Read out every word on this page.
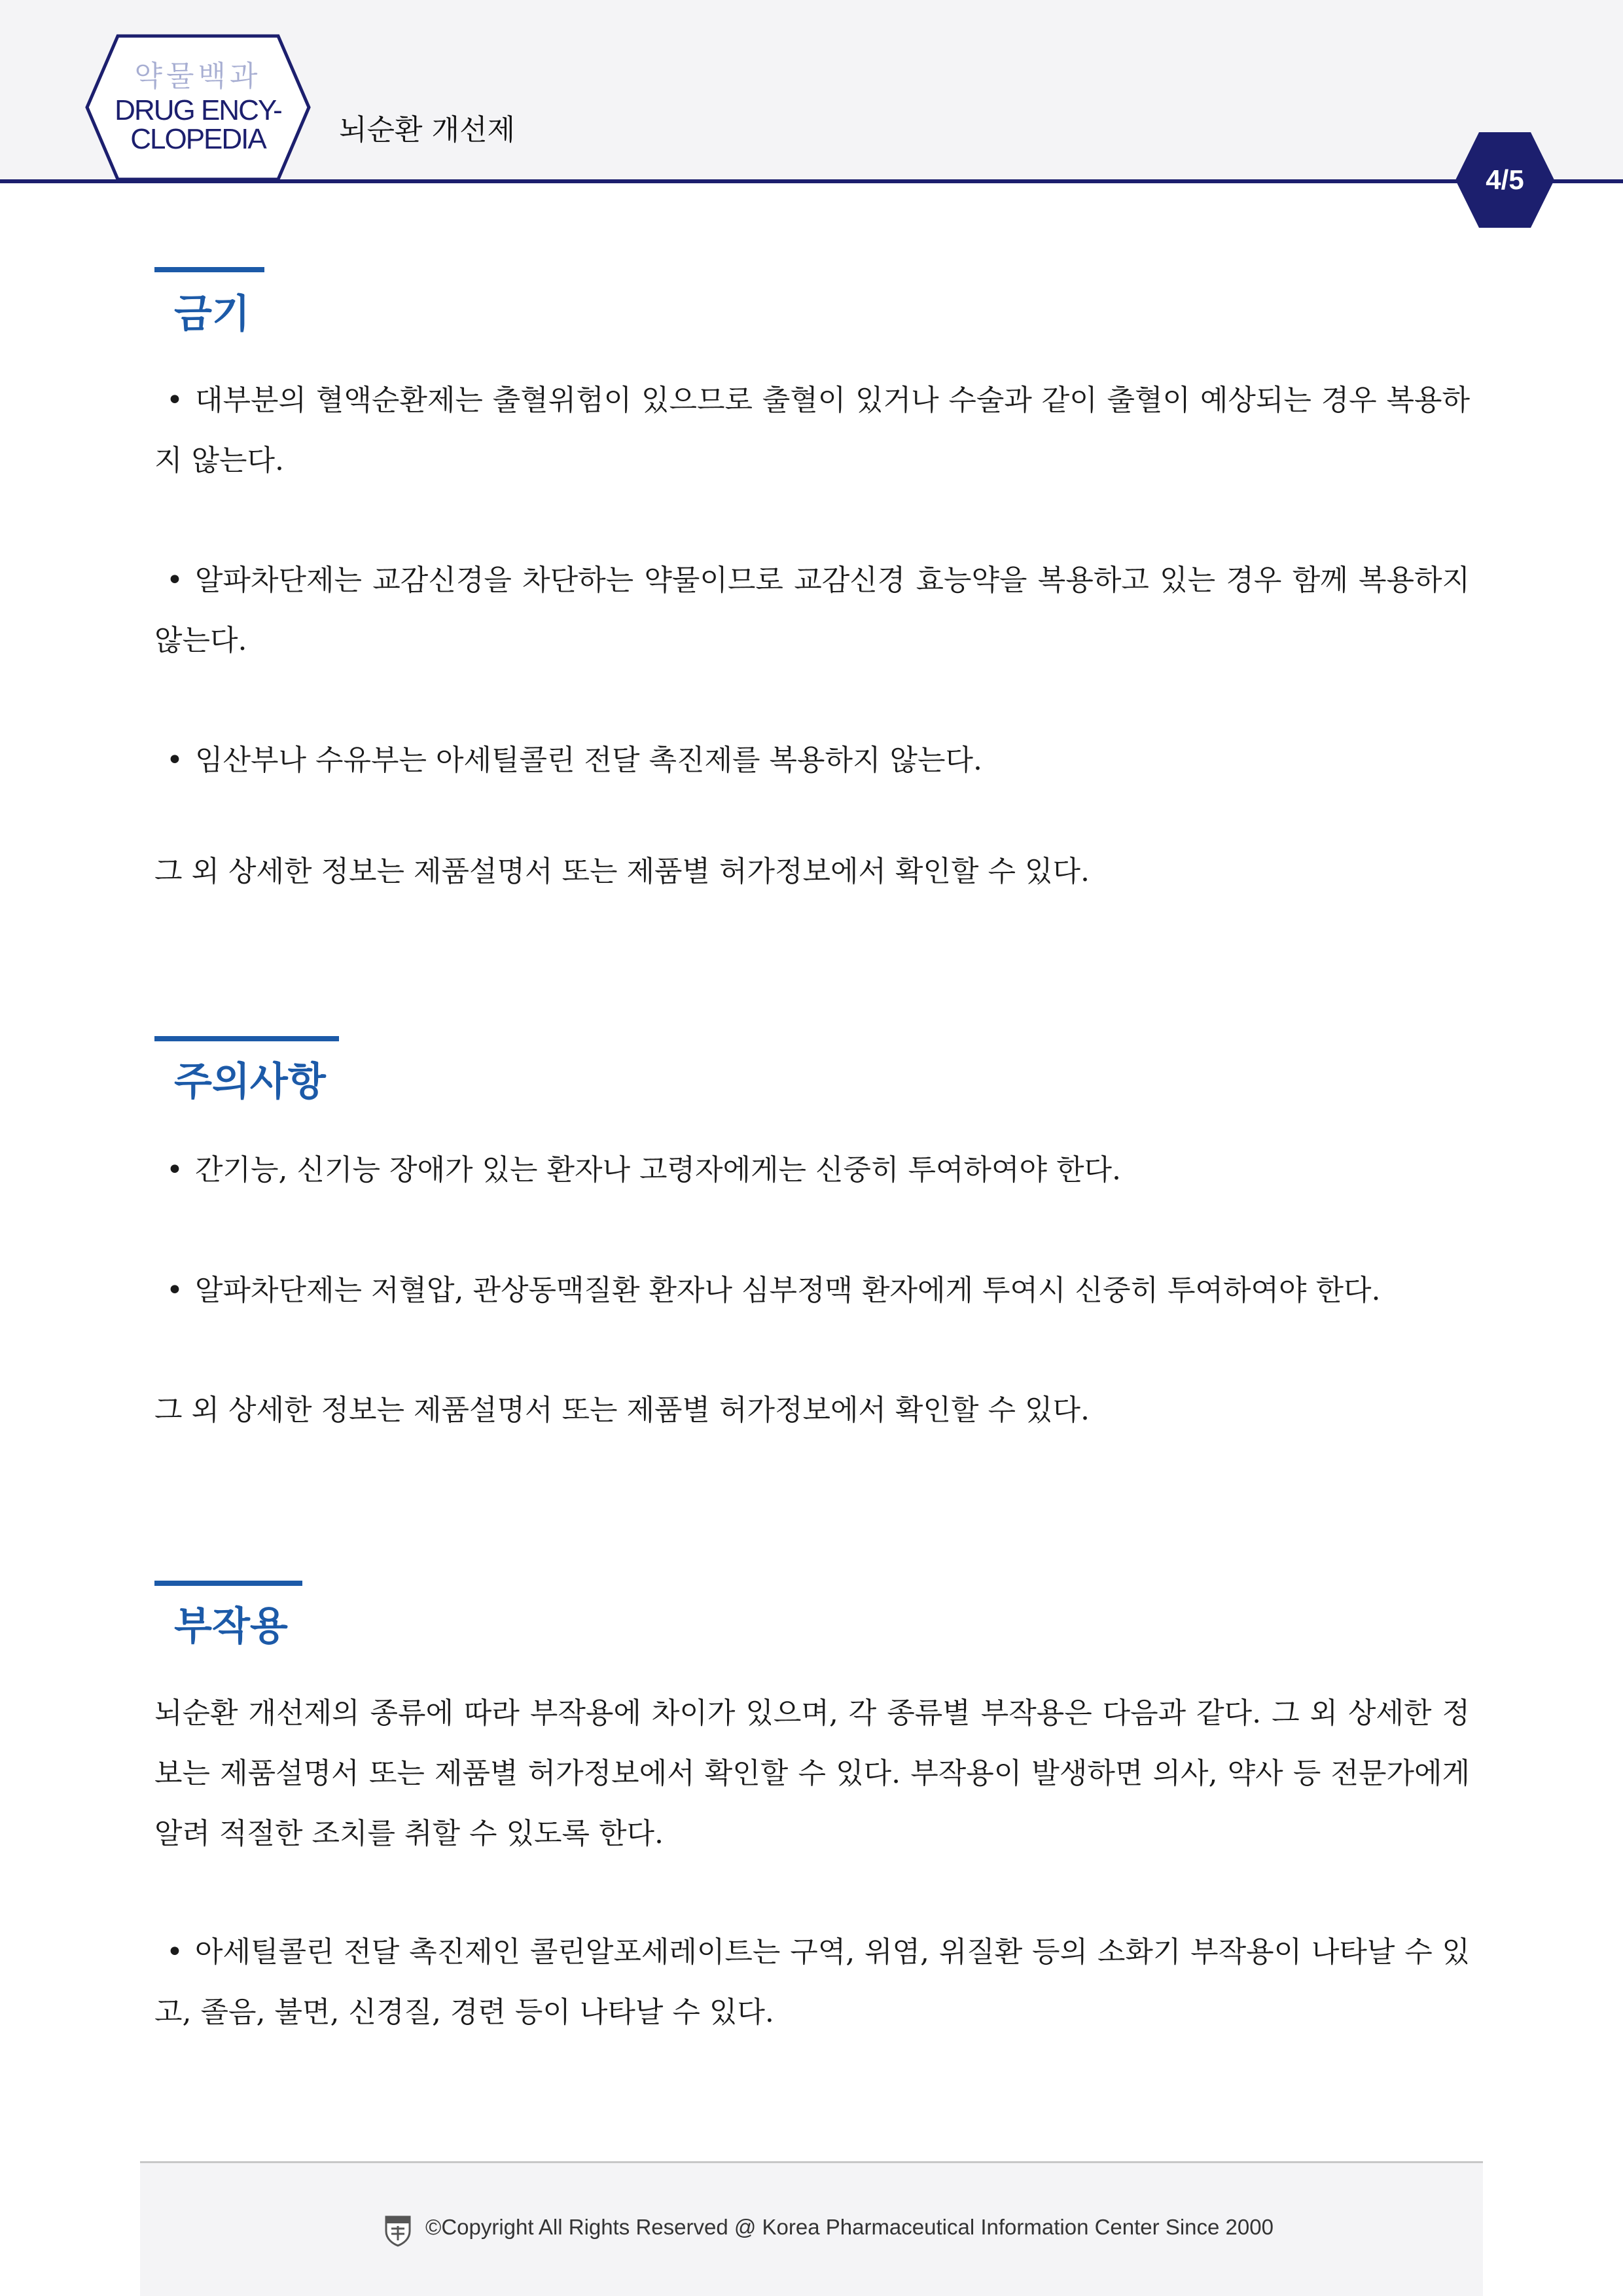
약물백과
DRUG ENCY-
CLOPEDIA	뇌순환 개선제
4/5
금기
• 대부분의 혈액순환제는 출혈위험이 있으므로 출혈이 있거나 수술과 같이 출혈이 예상되는 경우 복용하지 않는다.
• 알파차단제는 교감신경을 차단하는 약물이므로 교감신경 효능약을 복용하고 있는 경우 함께 복용하지 않는다.
• 임산부나 수유부는 아세틸콜린 전달 촉진제를 복용하지 않는다.
그 외 상세한 정보는 제품설명서 또는 제품별 허가정보에서 확인할 수 있다.
주의사항
• 간기능, 신기능 장애가 있는 환자나 고령자에게는 신중히 투여하여야 한다.
• 알파차단제는 저혈압, 관상동맥질환 환자나 심부정맥 환자에게 투여시 신중히 투여하여야 한다.
그 외 상세한 정보는 제품설명서 또는 제품별 허가정보에서 확인할 수 있다.
부작용
뇌순환 개선제의 종류에 따라 부작용에 차이가 있으며, 각 종류별 부작용은 다음과 같다. 그 외 상세한 정보는 제품설명서 또는 제품별 허가정보에서 확인할 수 있다. 부작용이 발생하면 의사, 약사 등 전문가에게 알려 적절한 조치를 취할 수 있도록 한다.
• 아세틸콜린 전달 촉진제인 콜린알포세레이트는 구역, 위염, 위질환 등의 소화기 부작용이 나타날 수 있고, 졸음, 불면, 신경질, 경련 등이 나타날 수 있다.
©Copyright All Rights Reserved @ Korea Pharmaceutical Information Center Since 2000
